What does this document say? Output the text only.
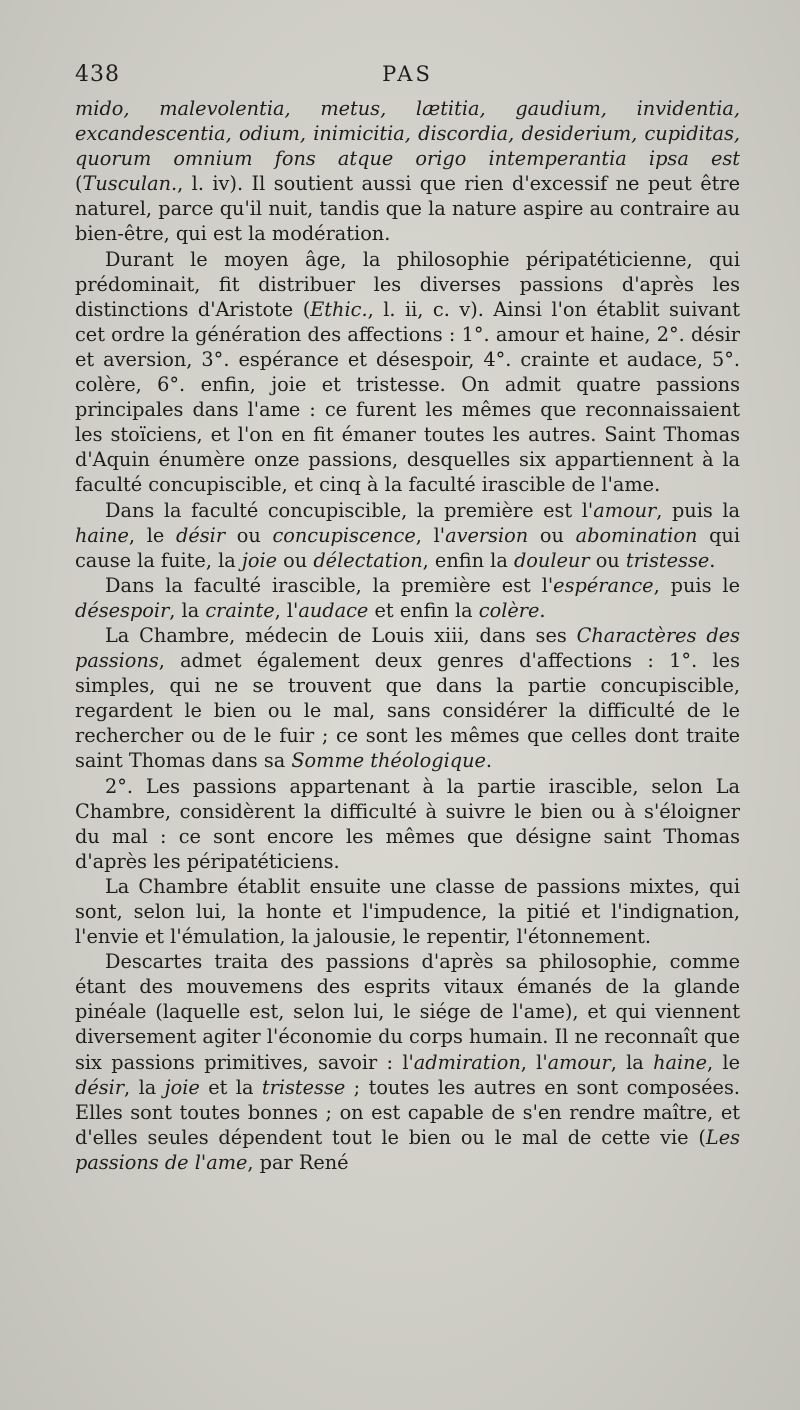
438	PAS

mido, malevolentia, metus, lætitia, gaudium, invidentia, excandescentia, odium, inimicitia, discordia, desiderium, cupiditas, quorum omnium fons atque origo intemperantia ipsa est (Tusculan., l. iv). Il soutient aussi que rien d'excessif ne peut être naturel, parce qu'il nuit, tandis que la nature aspire au contraire au bien-être, qui est la modération.

Durant le moyen âge, la philosophie péripatéticienne, qui prédominait, fit distribuer les diverses passions d'après les distinctions d'Aristote (Ethic., l. ii, c. v). Ainsi l'on établit suivant cet ordre la génération des affections : 1°. amour et haine, 2°. désir et aversion, 3°. espérance et désespoir, 4°. crainte et audace, 5°. colère, 6°. enfin, joie et tristesse. On admit quatre passions principales dans l'ame : ce furent les mêmes que reconnaissaient les stoïciens, et l'on en fit émaner toutes les autres. Saint Thomas d'Aquin énumère onze passions, desquelles six appartiennent à la faculté concupiscible, et cinq à la faculté irascible de l'ame.

Dans la faculté concupiscible, la première est l'amour, puis la haine, le désir ou concupiscence, l'aversion ou abomination qui cause la fuite, la joie ou délectation, enfin la douleur ou tristesse.

Dans la faculté irascible, la première est l'espérance, puis le désespoir, la crainte, l'audace et enfin la colère.

La Chambre, médecin de Louis xiii, dans ses Charactères des passions, admet également deux genres d'affections : 1°. les simples, qui ne se trouvent que dans la partie concupiscible, regardent le bien ou le mal, sans considérer la difficulté de le rechercher ou de le fuir ; ce sont les mêmes que celles dont traite saint Thomas dans sa Somme théologique.

2°. Les passions appartenant à la partie irascible, selon La Chambre, considèrent la difficulté à suivre le bien ou à s'éloigner du mal : ce sont encore les mêmes que désigne saint Thomas d'après les péripatéticiens.

La Chambre établit ensuite une classe de passions mixtes, qui sont, selon lui, la honte et l'impudence, la pitié et l'indignation, l'envie et l'émulation, la jalousie, le repentir, l'étonnement.

Descartes traita des passions d'après sa philosophie, comme étant des mouvemens des esprits vitaux émanés de la glande pinéale (laquelle est, selon lui, le siége de l'ame), et qui viennent diversement agiter l'économie du corps humain. Il ne reconnaît que six passions primitives, savoir : l'admiration, l'amour, la haine, le désir, la joie et la tristesse ; toutes les autres en sont composées. Elles sont toutes bonnes ; on est capable de s'en rendre maître, et d'elles seules dépendent tout le bien ou le mal de cette vie (Les passions de l'ame, par René
